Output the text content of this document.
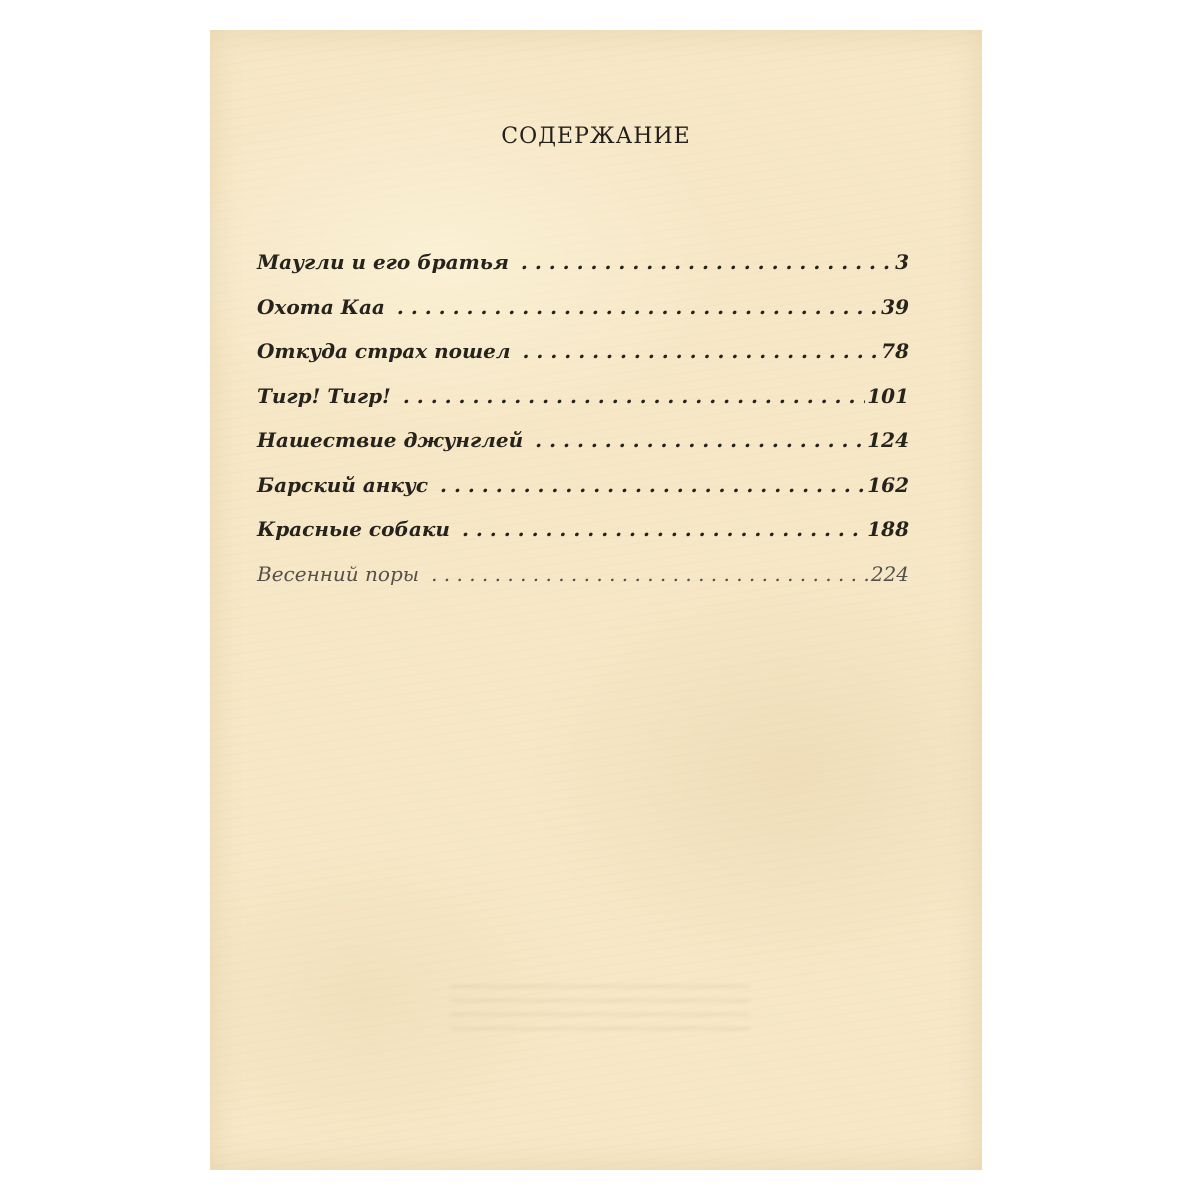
СОДЕРЖАНИЕ
Маугли и его братья . . .	3
Охота Каа . . .	39
Откуда страх пошел . . .	78
Тигр! Тигр! . . .	101
Нашествие джунглей . . .	124
Барский анкус . . .	162
Красные собаки . . .	188
Весенний поры . . .	224
